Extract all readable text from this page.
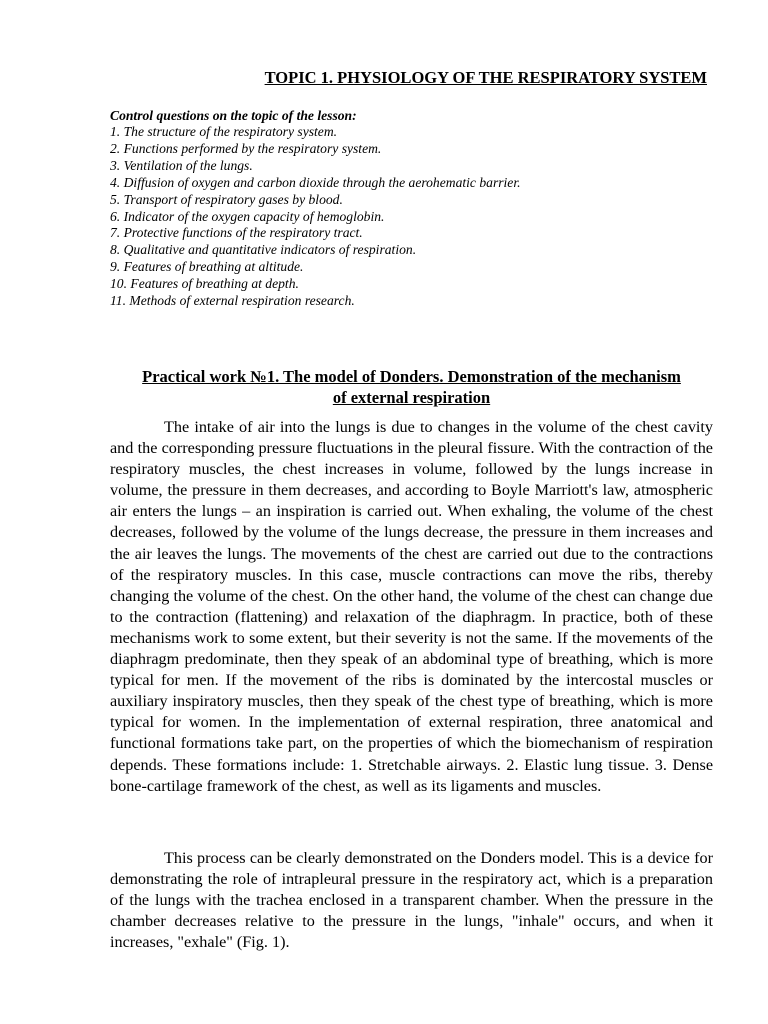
TOPIC 1. PHYSIOLOGY OF THE RESPIRATORY SYSTEM
Control questions on the topic of the lesson:
1. The structure of the respiratory system.
2. Functions performed by the respiratory system.
3. Ventilation of the lungs.
4. Diffusion of oxygen and carbon dioxide through the aerohematic barrier.
5. Transport of respiratory gases by blood.
6. Indicator of the oxygen capacity of hemoglobin.
7. Protective functions of the respiratory tract.
8. Qualitative and quantitative indicators of respiration.
9. Features of breathing at altitude.
10. Features of breathing at depth.
11. Methods of external respiration research.
Practical work №1. The model of Donders. Demonstration of the mechanism
of external respiration

The intake of air into the lungs is due to changes in the volume of the chest cavity and the corresponding pressure fluctuations in the pleural fissure. With the contraction of the respiratory muscles, the chest increases in volume, followed by the lungs increase in volume, the pressure in them decreases, and according to Boyle Marriott's law, atmospheric air enters the lungs – an inspiration is carried out. When exhaling, the volume of the chest decreases, followed by the volume of the lungs decrease, the pressure in them increases and the air leaves the lungs. The movements of the chest are carried out due to the contractions of the respiratory muscles. In this case, muscle contractions can move the ribs, thereby changing the volume of the chest. On the other hand, the volume of the chest can change due to the contraction (flattening) and relaxation of the diaphragm. In practice, both of these mechanisms work to some extent, but their severity is not the same. If the movements of the diaphragm predominate, then they speak of an abdominal type of breathing, which is more typical for men. If the movement of the ribs is dominated by the intercostal muscles or auxiliary inspiratory muscles, then they speak of the chest type of breathing, which is more typical for women. In the implementation of external respiration, three anatomical and functional formations take part, on the properties of which the biomechanism of respiration depends. These formations include: 1. Stretchable airways. 2. Elastic lung tissue. 3. Dense bone-cartilage framework of the chest, as well as its ligaments and muscles.

This process can be clearly demonstrated on the Donders model. This is a device for demonstrating the role of intrapleural pressure in the respiratory act, which is a preparation of the lungs with the trachea enclosed in a transparent chamber. When the pressure in the chamber decreases relative to the pressure in the lungs, "inhale" occurs, and when it increases, "exhale" (Fig. 1).
